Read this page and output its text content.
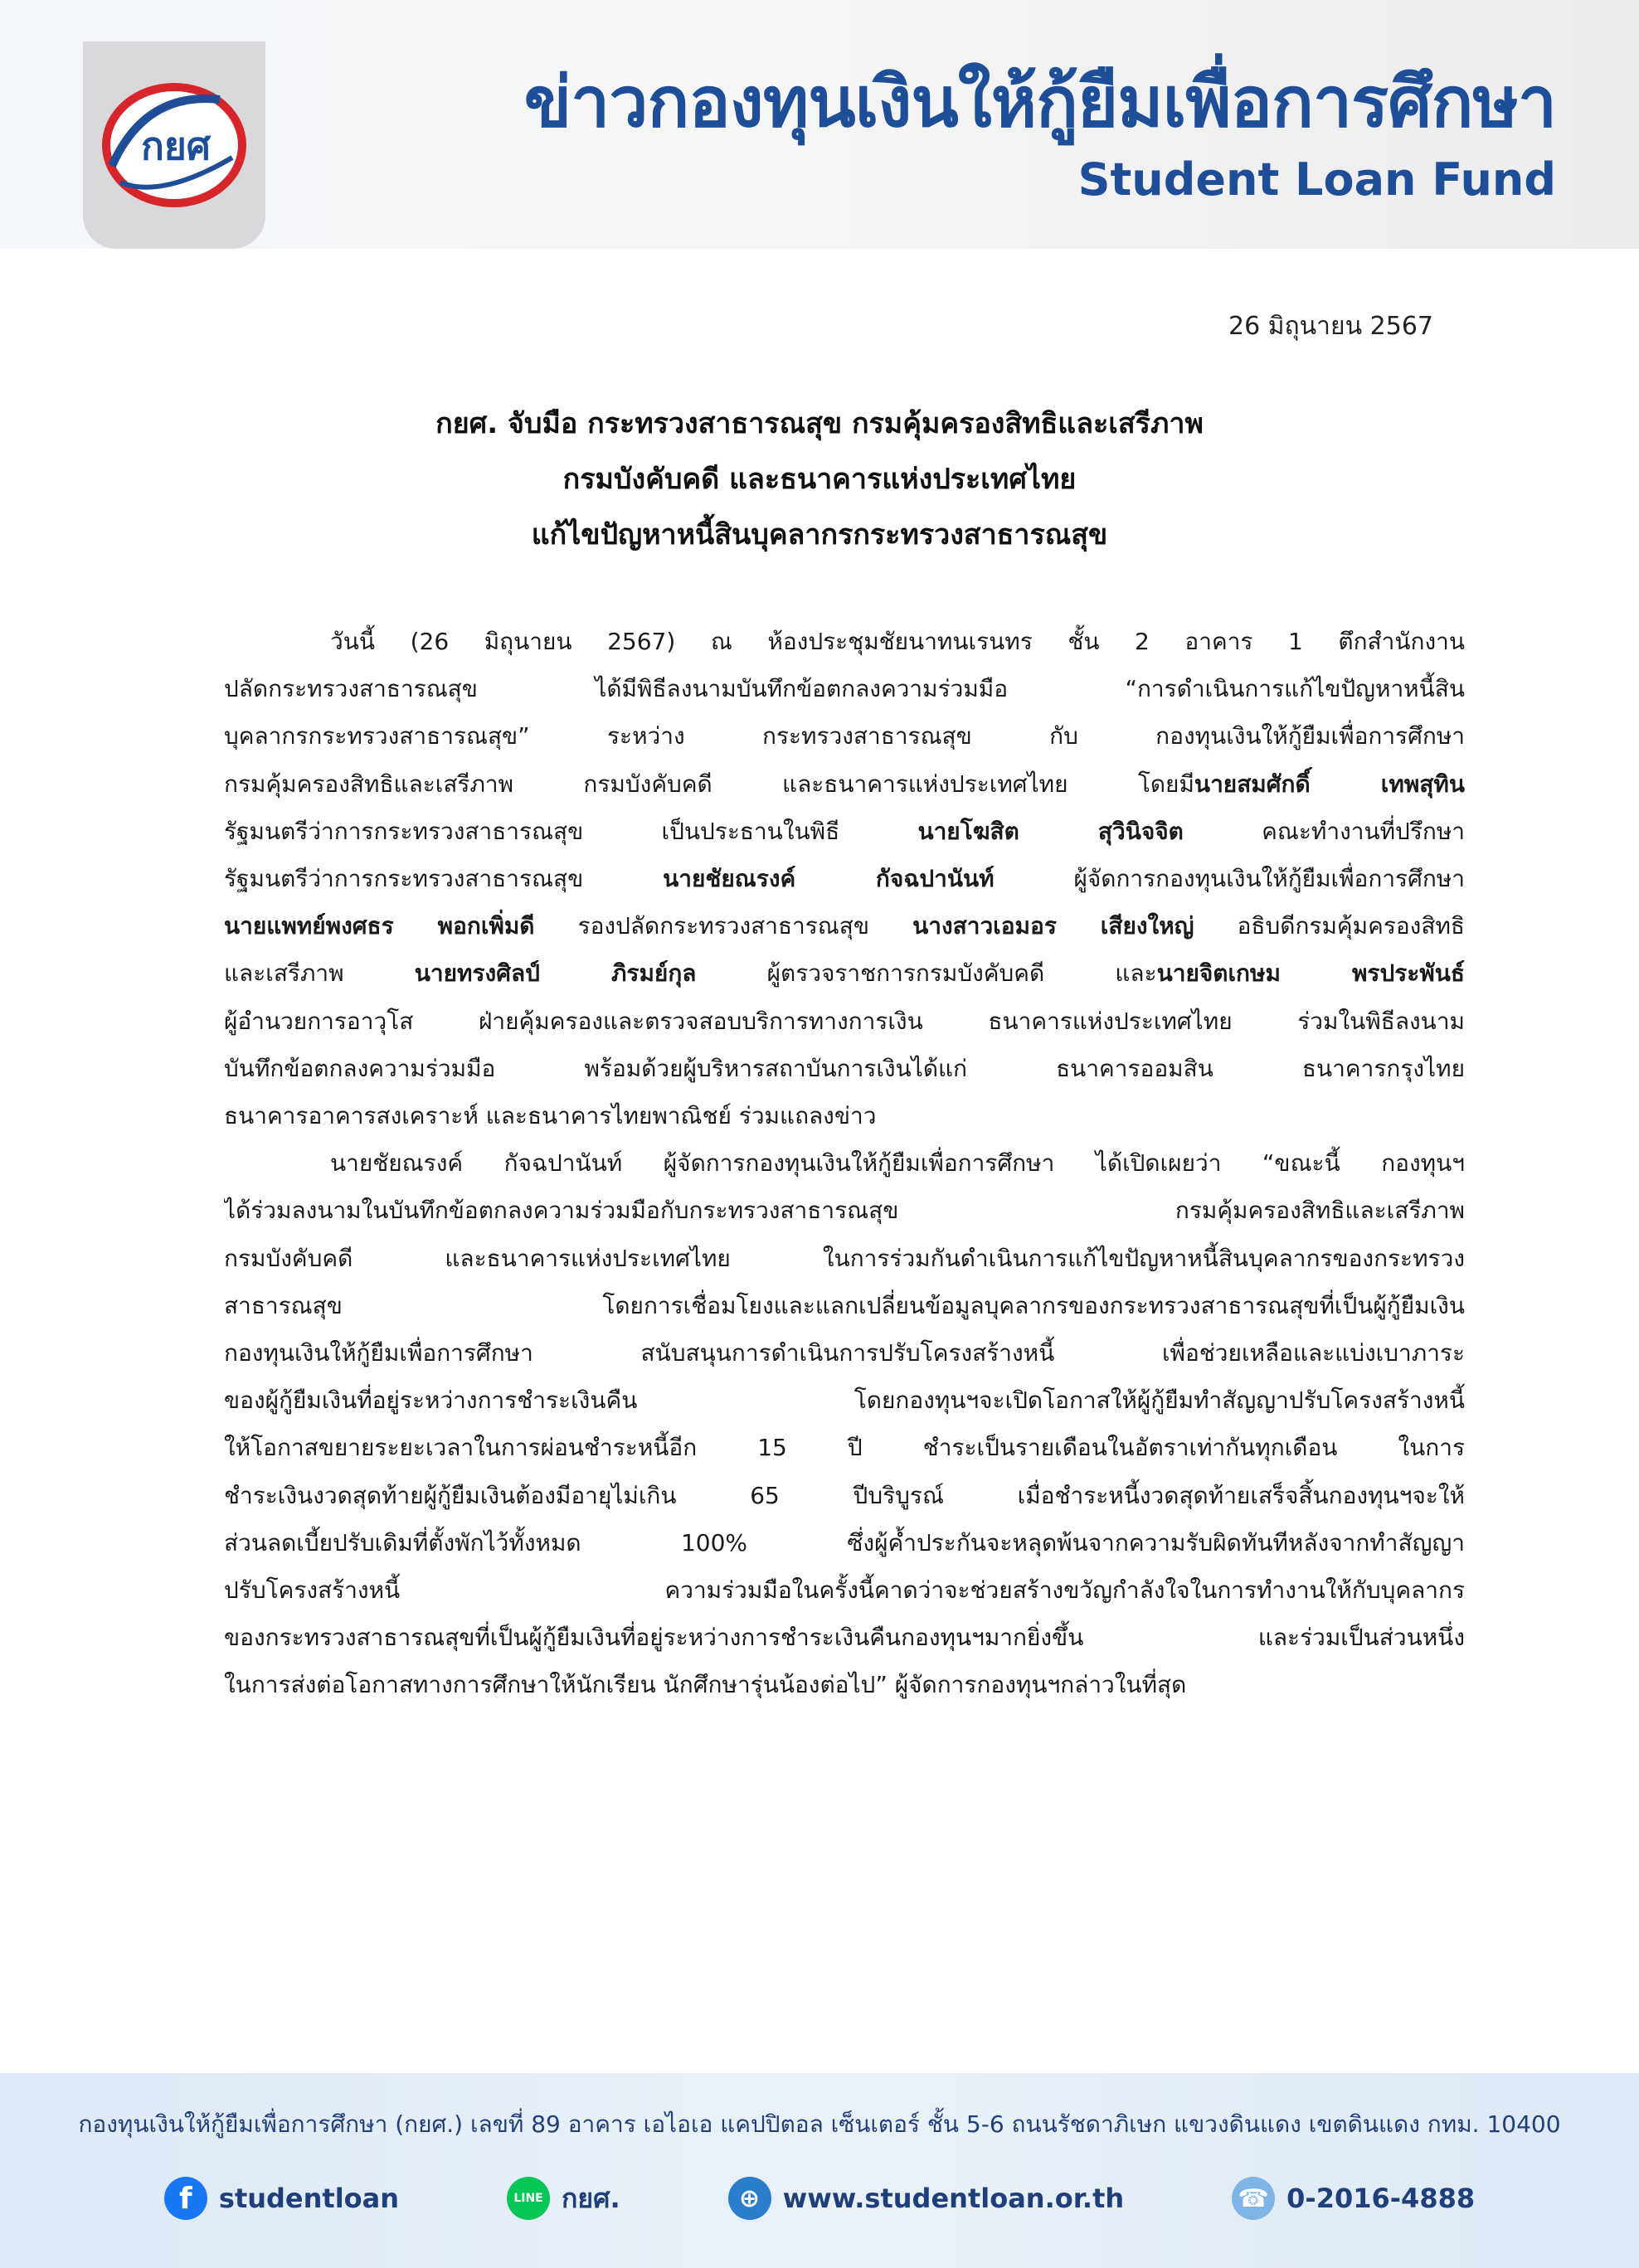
กยศ
ข่าวกองทุนเงินให้กู้ยืมเพื่อการศึกษา
Student Loan Fund
26 มิถุนายน 2567
กยศ. จับมือ กระทรวงสาธารณสุข กรมคุ้มครองสิทธิและเสรีภาพ
กรมบังคับคดี และธนาคารแห่งประเทศไทย
แก้ไขปัญหาหนี้สินบุคลากรกระทรวงสาธารณสุข
วันนี้ (26 มิถุนายน 2567) ณ ห้องประชุมชัยนาทนเรนทร ชั้น 2 อาคาร 1 ตึกสำนักงาน
ปลัดกระทรวงสาธารณสุข ได้มีพิธีลงนามบันทึกข้อตกลงความร่วมมือ “การดำเนินการแก้ไขปัญหาหนี้สิน
บุคลากรกระทรวงสาธารณสุข” ระหว่าง กระทรวงสาธารณสุข กับ กองทุนเงินให้กู้ยืมเพื่อการศึกษา
กรมคุ้มครองสิทธิและเสรีภาพ กรมบังคับคดี และธนาคารแห่งประเทศไทย โดยมีนายสมศักดิ์ เทพสุทิน
รัฐมนตรีว่าการกระทรวงสาธารณสุข เป็นประธานในพิธี นายโฆสิต สุวินิจจิต คณะทำงานที่ปรึกษา
รัฐมนตรีว่าการกระทรวงสาธารณสุข นายชัยณรงค์ กัจฉปานันท์ ผู้จัดการกองทุนเงินให้กู้ยืมเพื่อการศึกษา
นายแพทย์พงศธร พอกเพิ่มดี รองปลัดกระทรวงสาธารณสุข นางสาวเอมอร เสียงใหญ่ อธิบดีกรมคุ้มครองสิทธิ
และเสรีภาพ นายทรงศิลป์ ภิรมย์กุล ผู้ตรวจราชการกรมบังคับคดี และนายจิตเกษม พรประพันธ์
ผู้อำนวยการอาวุโส ฝ่ายคุ้มครองและตรวจสอบบริการทางการเงิน ธนาคารแห่งประเทศไทย ร่วมในพิธีลงนาม
บันทึกข้อตกลงความร่วมมือ พร้อมด้วยผู้บริหารสถาบันการเงินได้แก่ ธนาคารออมสิน ธนาคารกรุงไทย
ธนาคารอาคารสงเคราะห์ และธนาคารไทยพาณิชย์ ร่วมแถลงข่าว
นายชัยณรงค์ กัจฉปานันท์ ผู้จัดการกองทุนเงินให้กู้ยืมเพื่อการศึกษา ได้เปิดเผยว่า “ขณะนี้ กองทุนฯ
ได้ร่วมลงนามในบันทึกข้อตกลงความร่วมมือกับกระทรวงสาธารณสุข กรมคุ้มครองสิทธิและเสรีภาพ
กรมบังคับคดี และธนาคารแห่งประเทศไทย ในการร่วมกันดำเนินการแก้ไขปัญหาหนี้สินบุคลากรของกระทรวง
สาธารณสุข โดยการเชื่อมโยงและแลกเปลี่ยนข้อมูลบุคลากรของกระทรวงสาธารณสุขที่เป็นผู้กู้ยืมเงิน
กองทุนเงินให้กู้ยืมเพื่อการศึกษา สนับสนุนการดำเนินการปรับโครงสร้างหนี้ เพื่อช่วยเหลือและแบ่งเบาภาระ
ของผู้กู้ยืมเงินที่อยู่ระหว่างการชำระเงินคืน โดยกองทุนฯจะเปิดโอกาสให้ผู้กู้ยืมทำสัญญาปรับโครงสร้างหนี้
ให้โอกาสขยายระยะเวลาในการผ่อนชำระหนี้อีก 15 ปี ชำระเป็นรายเดือนในอัตราเท่ากันทุกเดือน ในการ
ชำระเงินงวดสุดท้ายผู้กู้ยืมเงินต้องมีอายุไม่เกิน 65 ปีบริบูรณ์ เมื่อชำระหนี้งวดสุดท้ายเสร็จสิ้นกองทุนฯจะให้
ส่วนลดเบี้ยปรับเดิมที่ตั้งพักไว้ทั้งหมด 100% ซึ่งผู้ค้ำประกันจะหลุดพ้นจากความรับผิดทันทีหลังจากทำสัญญา
ปรับโครงสร้างหนี้ ความร่วมมือในครั้งนี้คาดว่าจะช่วยสร้างขวัญกำลังใจในการทำงานให้กับบุคลากร
ของกระทรวงสาธารณสุขที่เป็นผู้กู้ยืมเงินที่อยู่ระหว่างการชำระเงินคืนกองทุนฯมากยิ่งขึ้น และร่วมเป็นส่วนหนึ่ง
ในการส่งต่อโอกาสทางการศึกษาให้นักเรียน นักศึกษารุ่นน้องต่อไป” ผู้จัดการกองทุนฯกล่าวในที่สุด
กองทุนเงินให้กู้ยืมเพื่อการศึกษา (กยศ.) เลขที่ 89 อาคาร เอไอเอ แคปปิตอล เซ็นเตอร์ ชั้น 5-6 ถนนรัชดาภิเษก แขวงดินแดง เขตดินแดง กทม. 10400
f	studentloan	LINE กยศ.	⊕ www.studentloan.or.th	☎ 0-2016-4888
